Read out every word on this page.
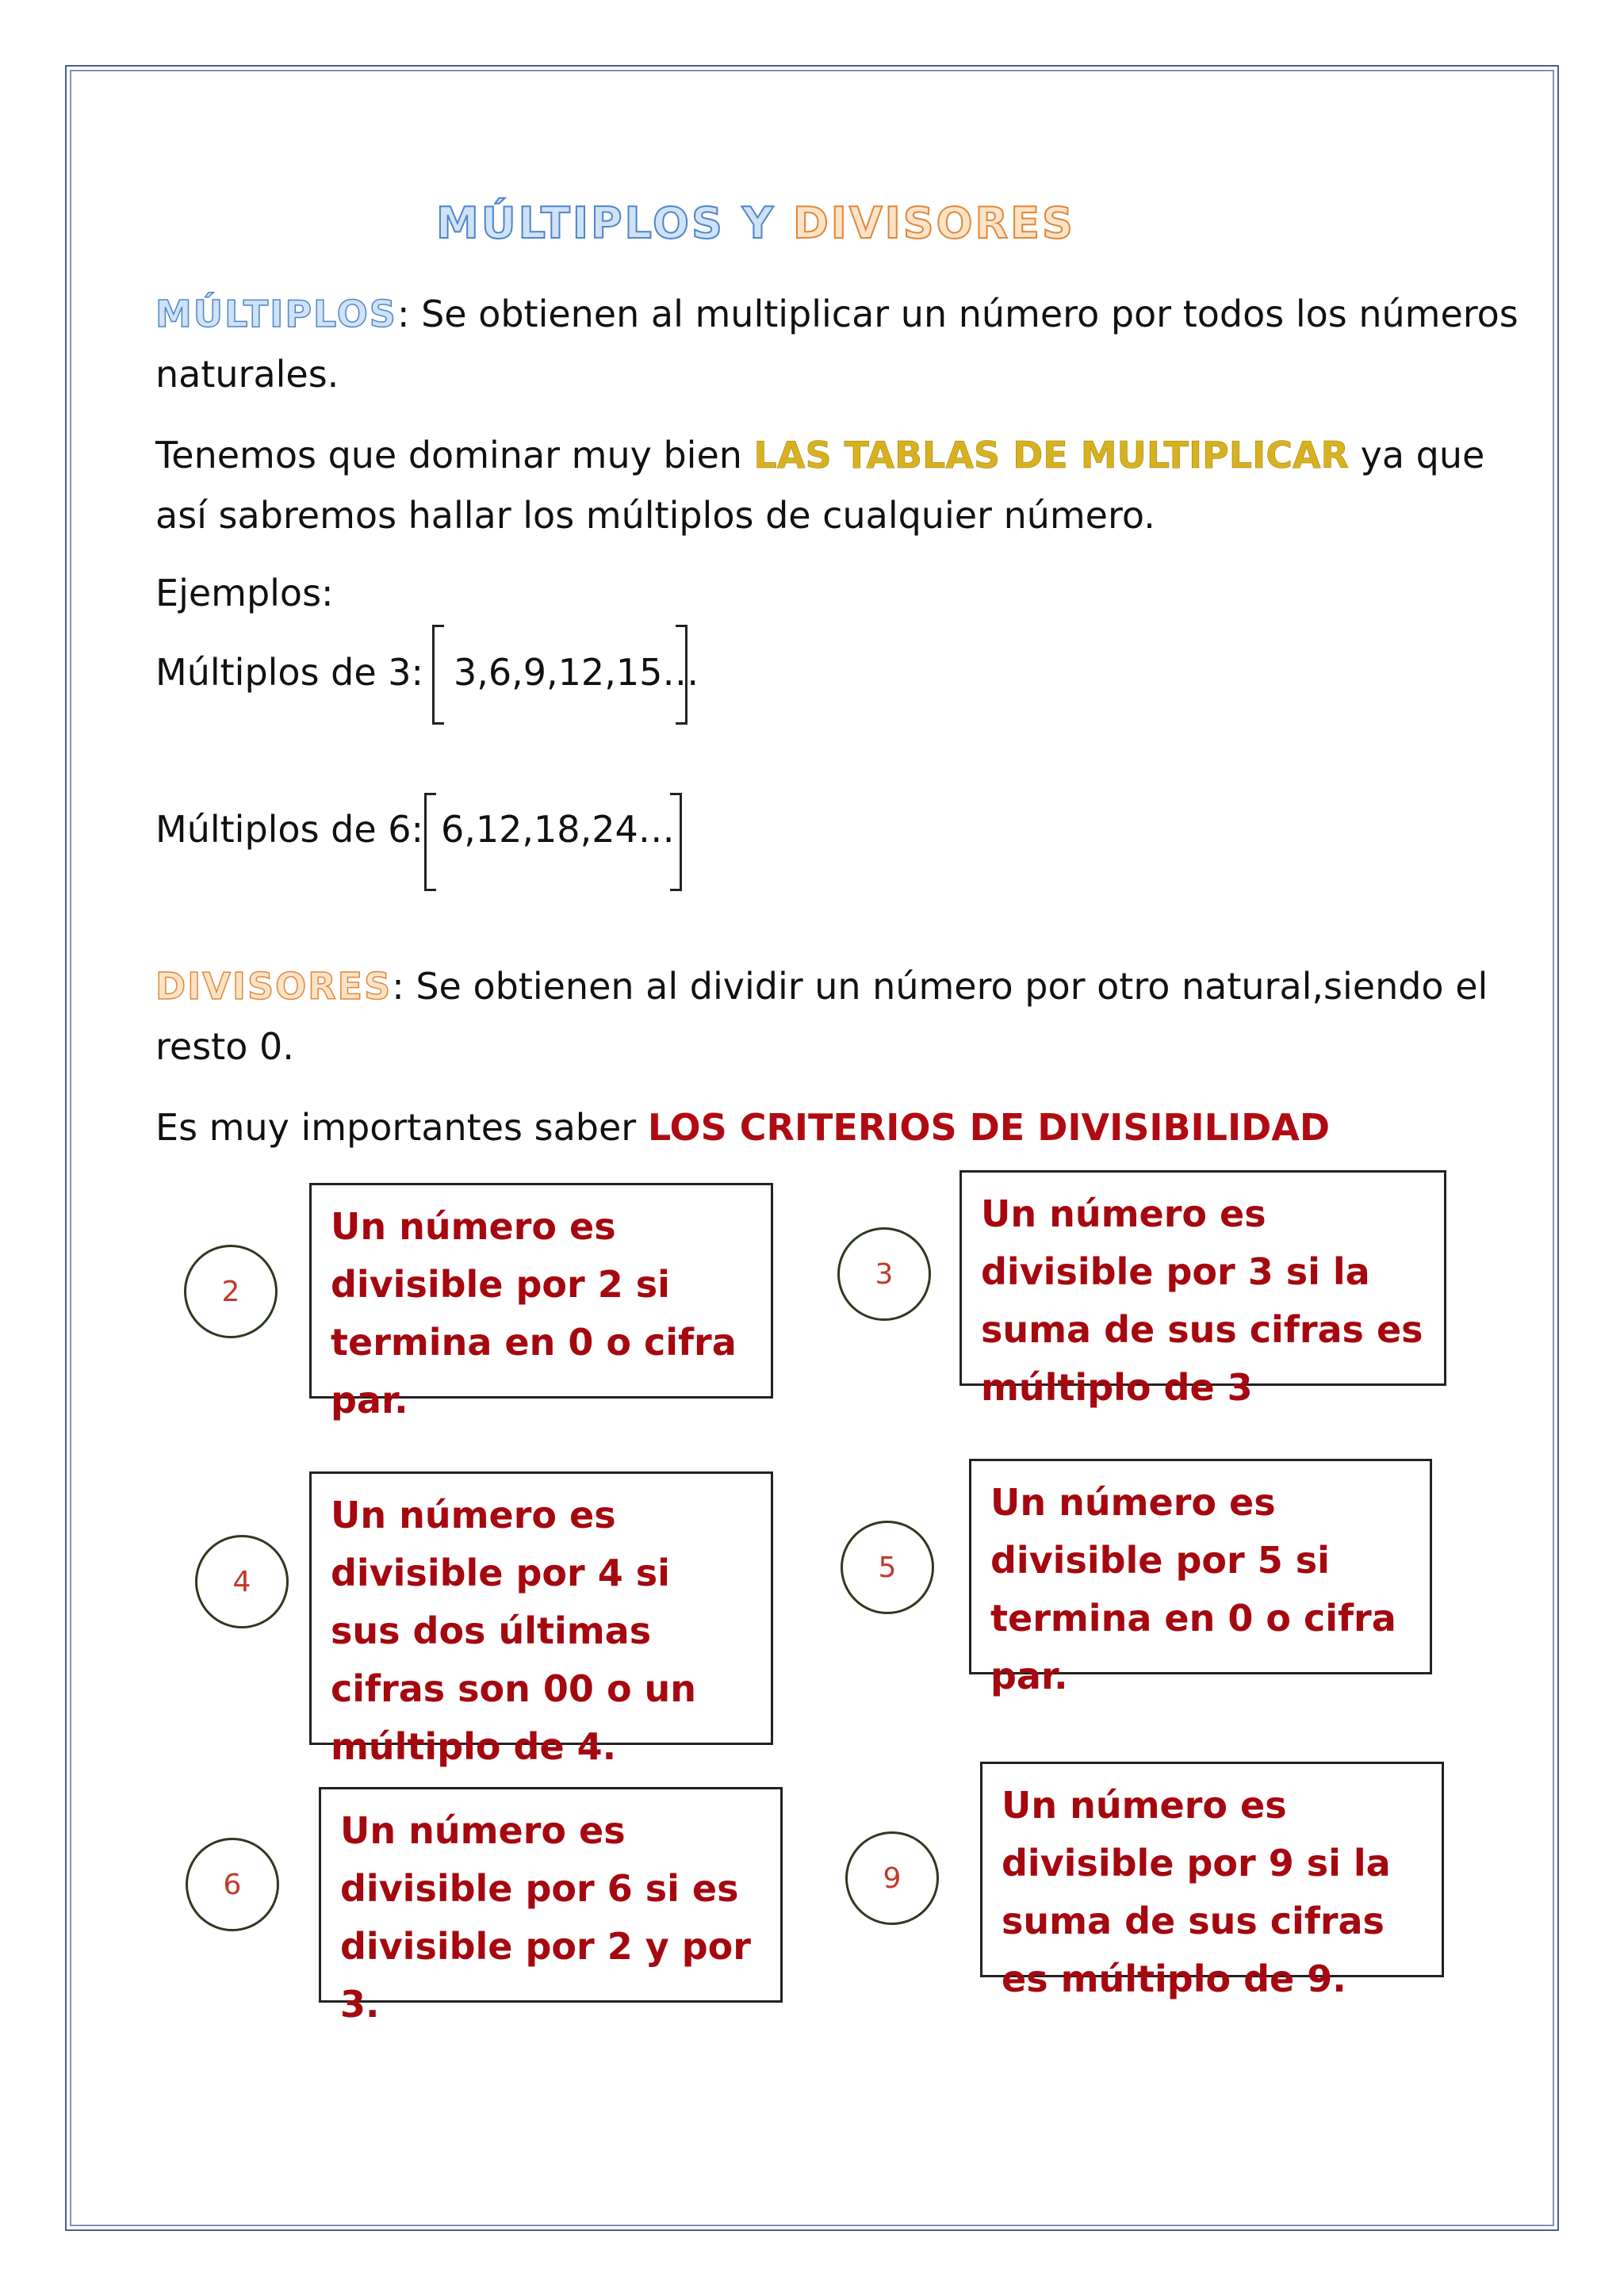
MÚLTIPLOS Y DIVISORES
MÚLTIPLOS: Se obtienen al multiplicar un número por todos los números naturales.
Tenemos que dominar muy bien LAS TABLAS DE MULTIPLICAR ya que así sabremos hallar los múltiplos de cualquier número.
Ejemplos:
Múltiplos de 3: 3,6,9,12,15…
Múltiplos de 6: 6,12,18,24…
DIVISORES: Se obtienen al dividir un número por otro natural,siendo el resto 0.
Es muy importantes saber LOS CRITERIOS DE DIVISIBILIDAD
2
Un número es divisible por 2 si termina en 0 o cifra par.
3
Un número es divisible por 3 si la suma de sus cifras es múltiplo de 3
4
Un número es divisible por 4 si sus dos últimas cifras son 00 o un múltiplo de 4.
5
Un número es divisible por 5 si termina en 0 o cifra par.
6
Un número es divisible por 6 si es divisible por 2 y por 3.
9
Un número es divisible por 9 si la suma de sus cifras es múltiplo de 9.
